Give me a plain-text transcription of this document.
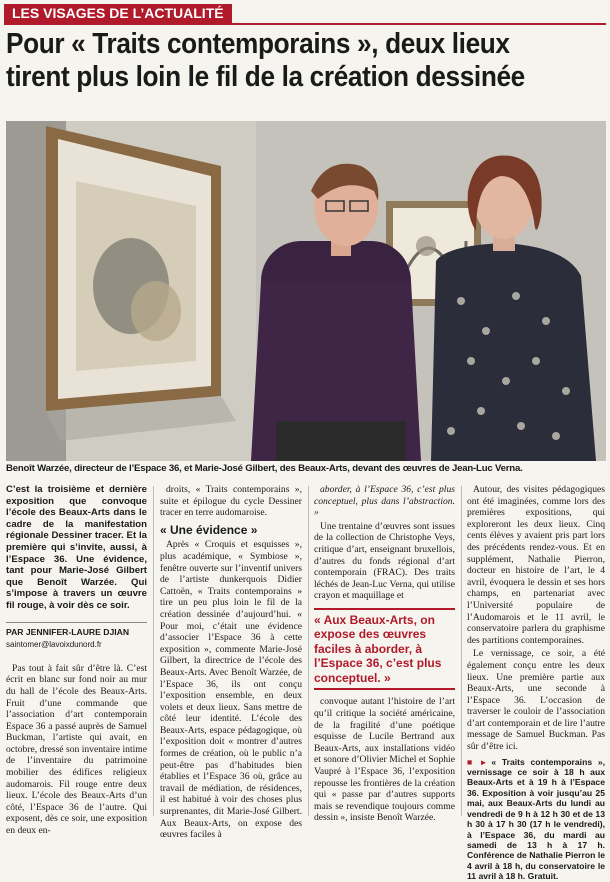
LES VISAGES DE L’ACTUALITÉ
Pour « Traits contemporains », deux lieux
tirent plus loin le fil de la création dessinée
Benoît Warzée, directeur de l’Espace 36, et Marie-José Gilbert, des Beaux-Arts, devant des œuvres de Jean-Luc Verna.
C’est la troisième et dernière exposition que convoque l’école des Beaux-Arts dans le cadre de la manifestation régionale Dessiner tracer. Et la première qui s’invite, aussi, à l’Espace 36. Une évidence, tant pour Marie-José Gilbert que Benoît Warzée. Qui s’impose à travers un œuvre fil rouge, à voir dès ce soir.
PAR JENNIFER-LAURE DJIAN
saintomer@lavoixdunord.fr

Pas tout à fait sûr d’être là. C’est écrit en blanc sur fond noir au mur du hall de l’école des Beaux-Arts. Fruit d’une commande que l’association d’art contemporain Espace 36 a passé auprès de Samuel Buckman, l’artiste qui avait, en octobre, dressé son inventaire intime de l’inventaire du patrimoine mobilier des édifices religieux audomarois. Fil rouge entre deux lieux. L’école des Beaux-Arts d’un côté, l’Espace 36 de l’autre. Qui exposent, dès ce soir, une exposition en deux en-

droits, « Traits contemporains », suite et épilogue du cycle Dessiner tracer en terre audomaroise.

« Une évidence »

Après « Croquis et esquisses », plus académique, « Symbiose », fenêtre ouverte sur l’inventif univers de l’artiste dunkerquois Didier Cattoën, « Traits contemporains » tire un peu plus loin le fil de la création dessinée d’aujourd’hui. « Pour moi, c’était une évidence d’associer l’Espace 36 à cette exposition », commente Marie-José Gilbert, la directrice de l’école des Beaux-Arts. Avec Benoît Warzée, de l’Espace 36, ils ont conçu l’exposition ensemble, en deux volets et deux lieux. Sans mettre de côté leur identité. L’école des Beaux-Arts, espace pédagogique, où l’exposition doit « montrer d’autres formes de création, où le public n’a peut-être pas d’habitudes bien établies et l’Espace 36 où, grâce au travail de médiation, de résidences, il est habitué à voir des choses plus surprenantes, dit Marie-José Gilbert. Aux Beaux-Arts, on expose des œuvres faciles à

aborder, à l’Espace 36, c’est plus conceptuel, plus dans l’abstraction. »

Une trentaine d’œuvres sont issues de la collection de Christophe Veys, critique d’art, enseignant bruxellois, d’autres du fonds régional d’art contemporain (FRAC). Des traits léchés de Jean-Luc Verna, qui utilise crayon et maquillage et

« Aux Beaux-Arts, on expose des œuvres faciles à aborder, à l’Espace 36, c’est plus conceptuel. »

convoque autant l’histoire de l’art qu’il critique la société américaine, de la fragilité d’une poétique esquisse de Lucile Bertrand aux Beaux-Arts, aux installations vidéo et sonore d’Olivier Michel et Sophie Vaupré à l’Espace 36, l’exposition repousse les frontières de la création qui « passe par d’autres supports mais se revendique toujours comme dessin », insiste Benoît Warzée.

Autour, des visites pédagogiques ont été imaginées, comme lors des premières expositions, qui exploreront les deux lieux. Cinq cents élèves y avaient pris part lors des précédents rendez-vous. Et en supplément, Nathalie Pierron, docteur en histoire de l’art, le 4 avril, évoquera le dessin et ses hors champs, en partenariat avec l’Université populaire de l’Audomarois et le 11 avril, le conservatoire parlera du graphisme des partitions contemporaines.

Le vernissage, ce soir, a été également conçu entre les deux lieux. Une première partie aux Beaux-Arts, une seconde à l’Espace 36. L’occasion de traverser le couloir de l’association d’art contemporain et de lire l’autre message de Samuel Buckman. Pas sûr d’être ici.

■ ▸ « Traits contemporains », vernissage ce soir à 18 h aux Beaux-Arts et à 19 h à l’Espace 36. Exposition à voir jusqu’au 25 mai, aux Beaux-Arts du lundi au vendredi de 9 h à 12 h 30 et de 13 h 30 à 17 h 30 (17 h le vendredi), à l’Espace 36, du mardi au samedi de 13 h à 17 h. Conférence de Nathalie Pierron le 4 avril à 18 h, du conservatoire le 11 avril à 18 h. Gratuit.
